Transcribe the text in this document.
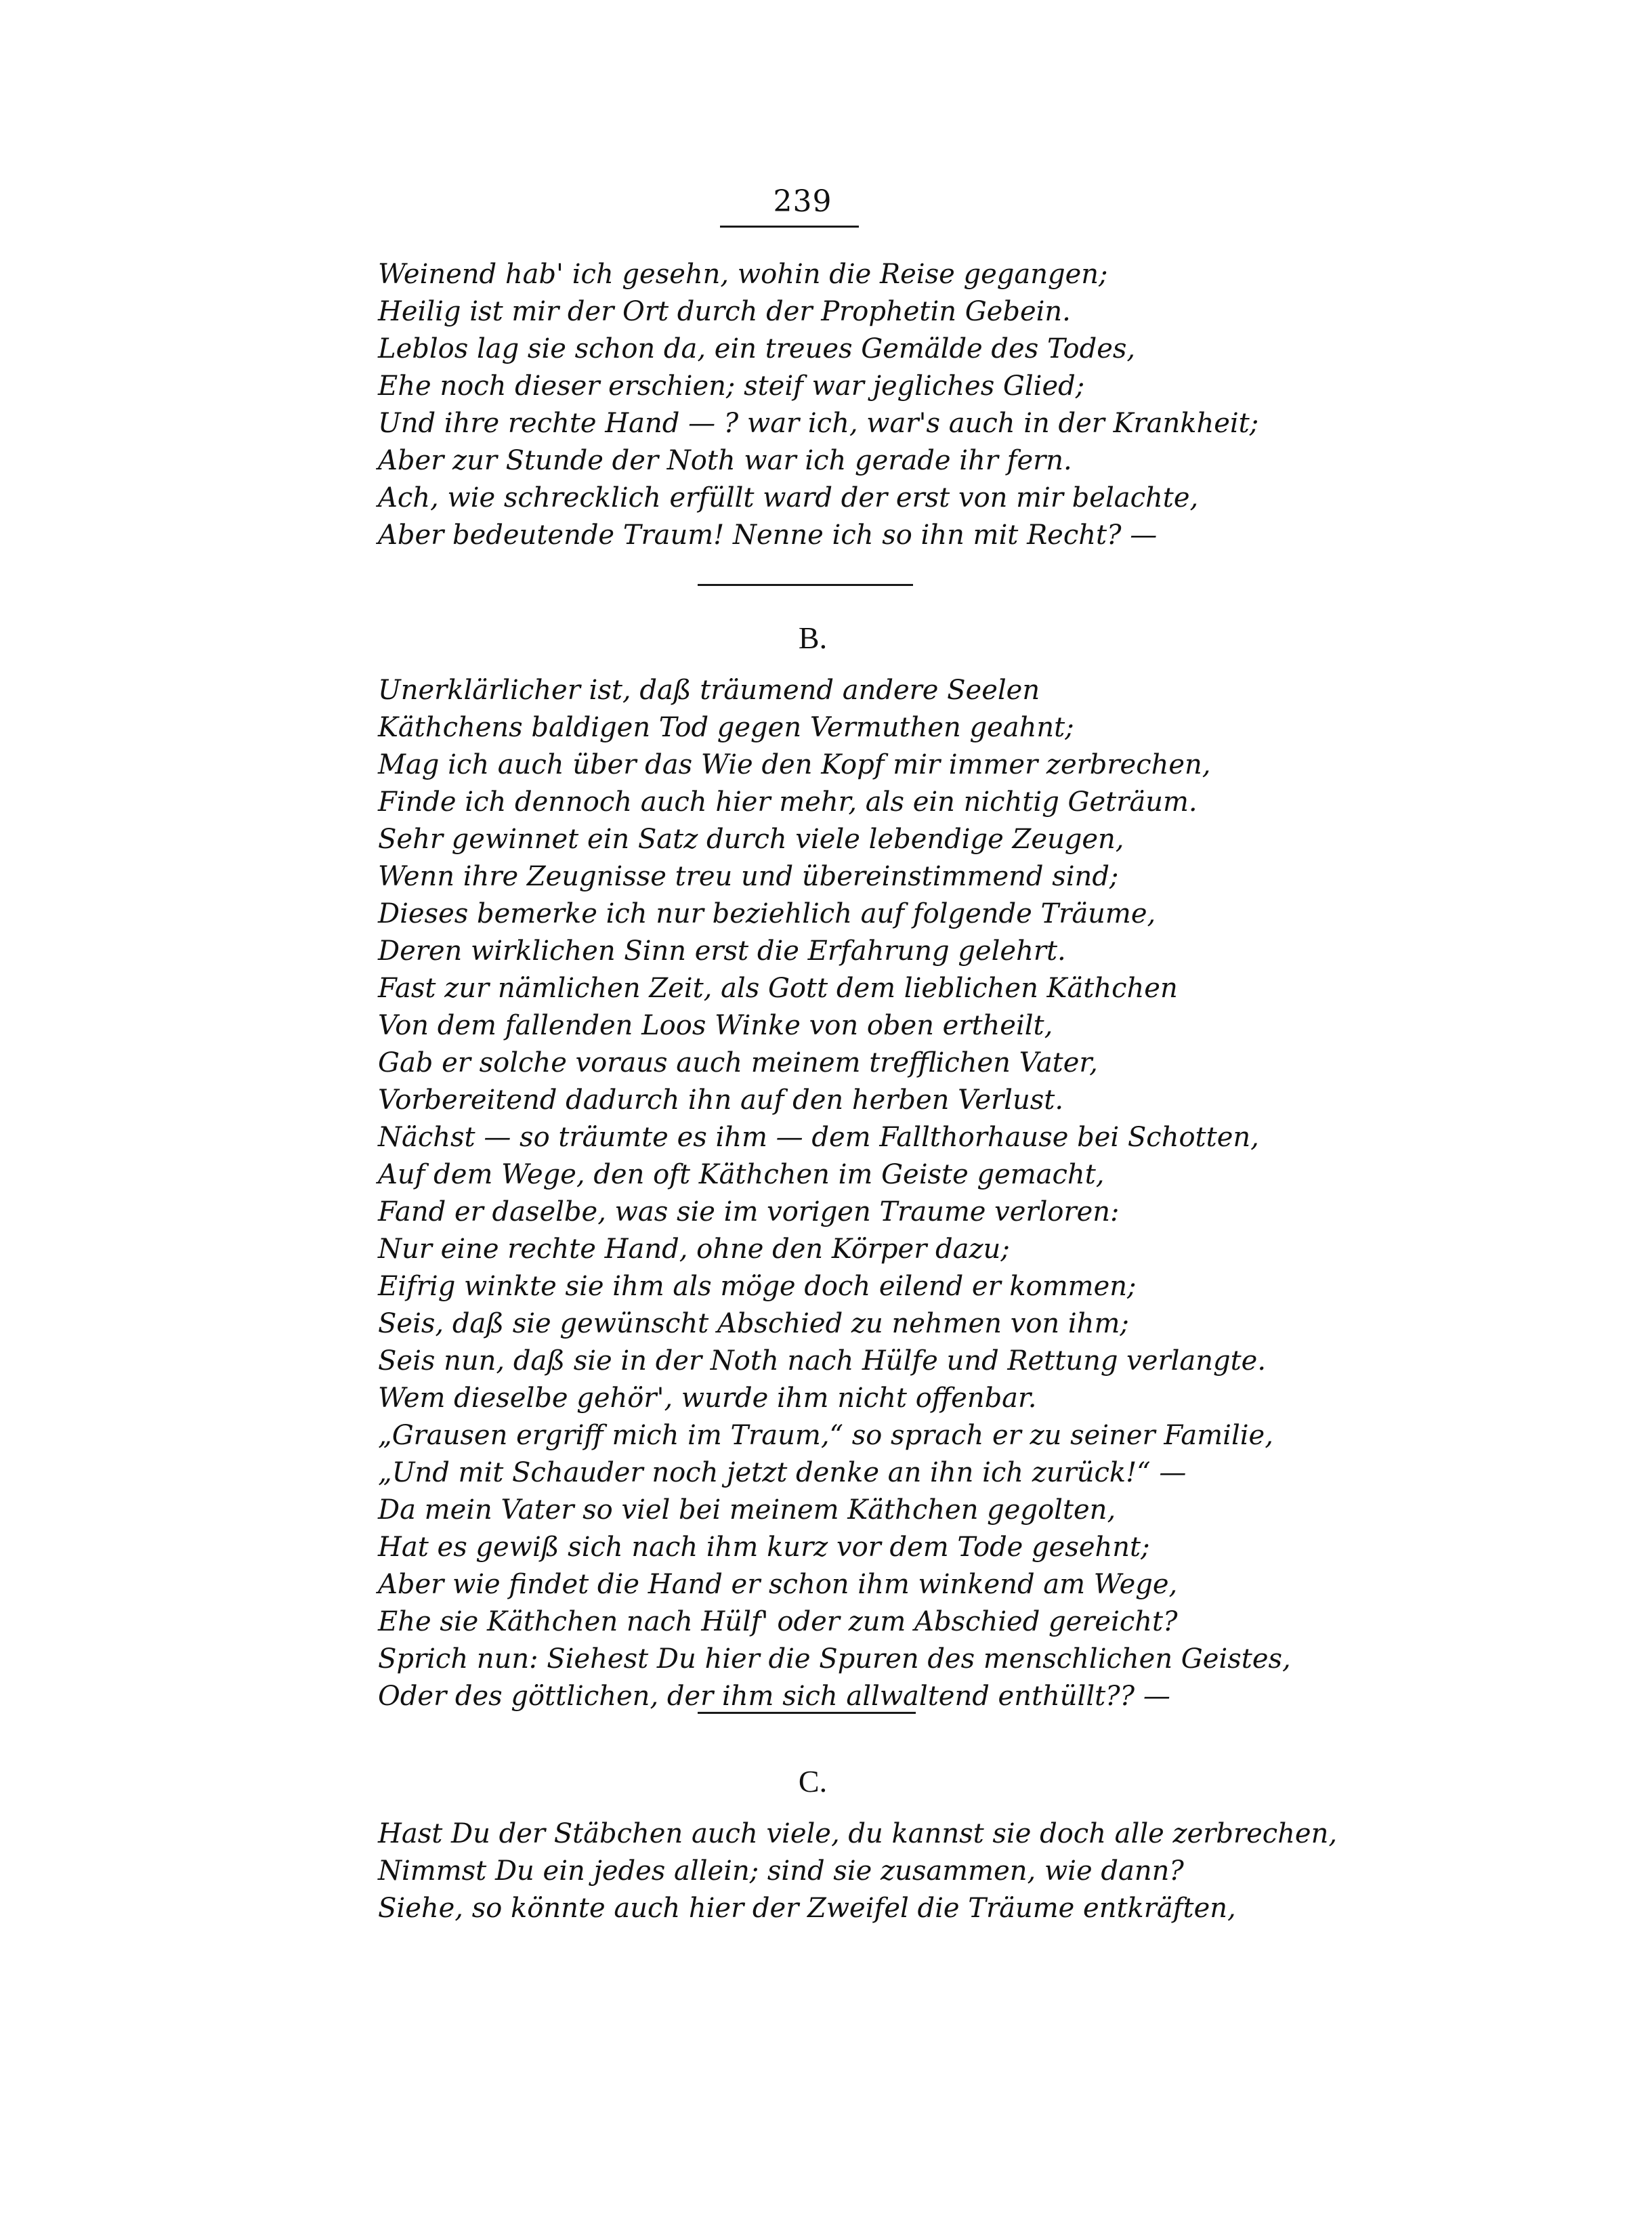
239
Weinend hab' ich gesehn, wohin die Reise gegangen;
Heilig ist mir der Ort durch der Prophetin Gebein.
Leblos lag sie schon da, ein treues Gemälde des Todes,
Ehe noch dieser erschien; steif war jegliches Glied;
Und ihre rechte Hand — ? war ich, war's auch in der Krankheit;
Aber zur Stunde der Noth war ich gerade ihr fern.
Ach, wie schrecklich erfüllt ward der erst von mir belachte,
Aber bedeutende Traum! Nenne ich so ihn mit Recht? —
B.
Unerklärlicher ist, daß träumend andere Seelen
Käthchens baldigen Tod gegen Vermuthen geahnt;
Mag ich auch über das Wie den Kopf mir immer zerbrechen,
Finde ich dennoch auch hier mehr, als ein nichtig Geträum.
Sehr gewinnet ein Satz durch viele lebendige Zeugen,
Wenn ihre Zeugnisse treu und übereinstimmend sind;
Dieses bemerke ich nur beziehlich auf folgende Träume,
Deren wirklichen Sinn erst die Erfahrung gelehrt.
Fast zur nämlichen Zeit, als Gott dem lieblichen Käthchen
Von dem fallenden Loos Winke von oben ertheilt,
Gab er solche voraus auch meinem trefflichen Vater,
Vorbereitend dadurch ihn auf den herben Verlust.
Nächst — so träumte es ihm — dem Fallthorhause bei Schotten,
Auf dem Wege, den oft Käthchen im Geiste gemacht,
Fand er daselbe, was sie im vorigen Traume verloren:
Nur eine rechte Hand, ohne den Körper dazu;
Eifrig winkte sie ihm als möge doch eilend er kommen;
Seis, daß sie gewünscht Abschied zu nehmen von ihm;
Seis nun, daß sie in der Noth nach Hülfe und Rettung verlangte.
Wem dieselbe gehör', wurde ihm nicht offenbar.
„Grausen ergriff mich im Traum,“ so sprach er zu seiner Familie,
„Und mit Schauder noch jetzt denke an ihn ich zurück!“ —
Da mein Vater so viel bei meinem Käthchen gegolten,
Hat es gewiß sich nach ihm kurz vor dem Tode gesehnt;
Aber wie findet die Hand er schon ihm winkend am Wege,
Ehe sie Käthchen nach Hülf' oder zum Abschied gereicht?
Sprich nun: Siehest Du hier die Spuren des menschlichen Geistes,
Oder des göttlichen, der ihm sich allwaltend enthüllt?? —
C.
Hast Du der Stäbchen auch viele, du kannst sie doch alle zerbrechen,
Nimmst Du ein jedes allein; sind sie zusammen, wie dann?
Siehe, so könnte auch hier der Zweifel die Träume entkräften,
